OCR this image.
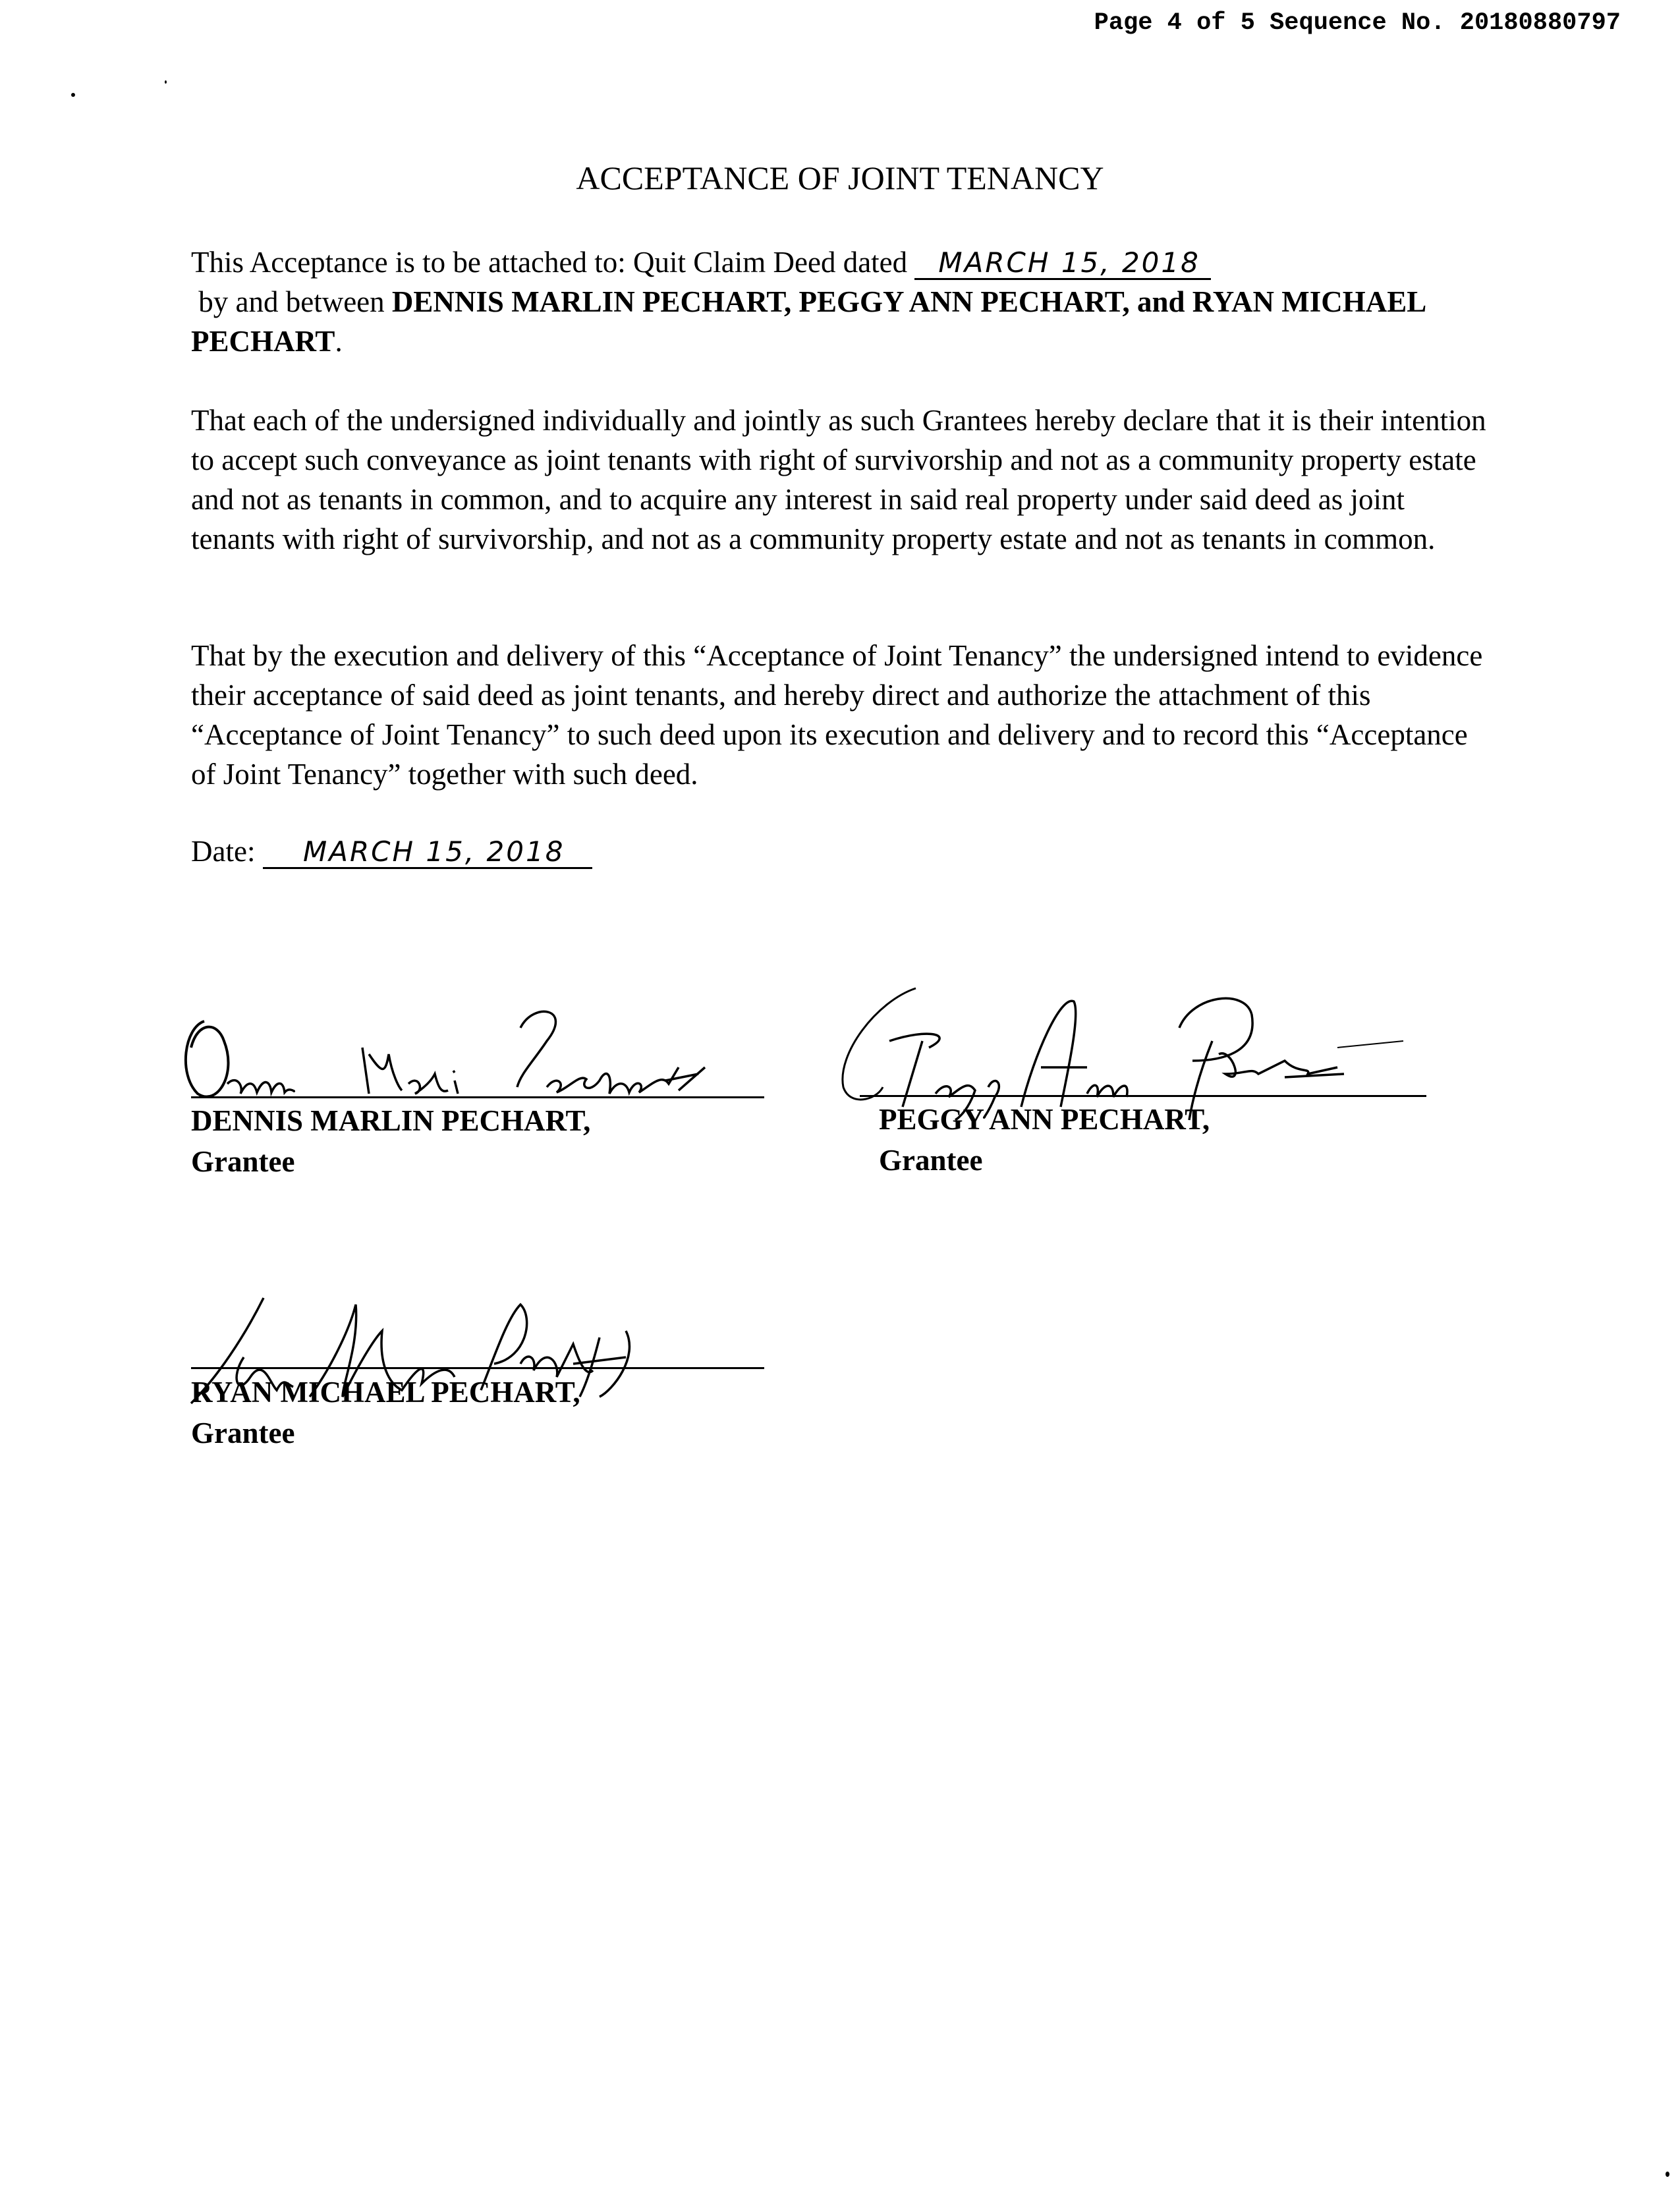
Page 4 of 5 Sequence No. 20180880797
ACCEPTANCE OF JOINT TENANCY

This Acceptance is to be attached to: Quit Claim Deed dated MARCH 15, 2018 by and between DENNIS MARLIN PECHART, PEGGY ANN PECHART, and RYAN MICHAEL PECHART.

That each of the undersigned individually and jointly as such Grantees hereby declare that it is their intention to accept such conveyance as joint tenants with right of survivorship and not as a community property estate and not as tenants in common, and to acquire any interest in said real property under said deed as joint tenants with right of survivorship, and not as a community property estate and not as tenants in common.

That by the execution and delivery of this “Acceptance of Joint Tenancy” the undersigned intend to evidence their acceptance of said deed as joint tenants, and hereby direct and authorize the attachment of this “Acceptance of Joint Tenancy” to such deed upon its execution and delivery and to record this “Acceptance of Joint Tenancy” together with such deed.

Date: MARCH 15, 2018

DENNIS MARLIN PECHART,
Grantee
PEGGY ANN PECHART,
Grantee
RYAN MICHAEL PECHART,
Grantee
